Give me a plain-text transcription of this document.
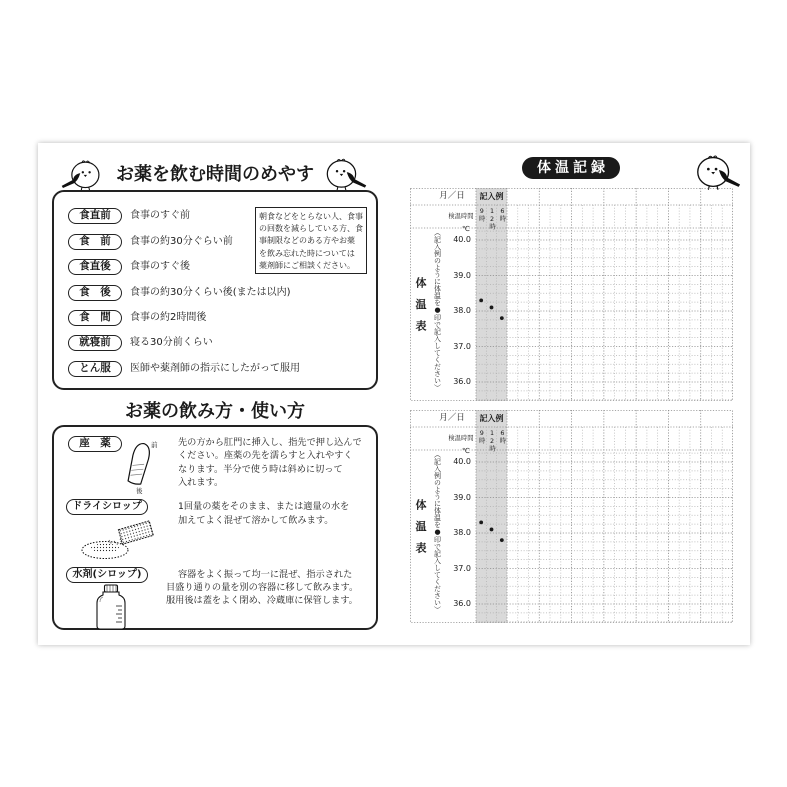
お薬を飲む時間のめやす
食直前	食事のすぐ前
食　前	食事の約30分ぐらい前
食直後	食事のすぐ後
食　後	食事の約30分くらい後(または以内)
食　間	食事の約2時間後
就寝前	寝る30分前くらい
とん服	医師や薬剤師の指示にしたがって服用
朝食などをとらない人、食事
の回数を減らしている方、食
事制限などのある方やお薬
を飲み忘れた時については
薬剤師にご相談ください。
お薬の飲み方・使い方
座　薬	前
後
先の方から肛門に挿入し、指先で押し込んで
ください。座薬の先を濡らすと入れやすく
なります。半分で使う時は斜めに切って
入れます。
ドライシロップ	1回量の薬をそのまま、または適量の水を
加えてよく混ぜて溶かして飲みます。
水剤(シロップ)	容器をよく振って均一に混ぜ、指示された
目盛り通りの量を別の容器に移して飲みます。
服用後は蓋をよく閉め、冷蔵庫に保管します。
体温記録
月／日	記入例
検温時間 9時 12時 6時
体温表 （記入例のように体温を●印で記入してください）	℃
40.0
39.0
38.0
37.0
36.0
月／日	記入例
検温時間 9時 12時 6時
体温表 （記入例のように体温を●印で記入してください）	℃
40.0
39.0
38.0
37.0
36.0
